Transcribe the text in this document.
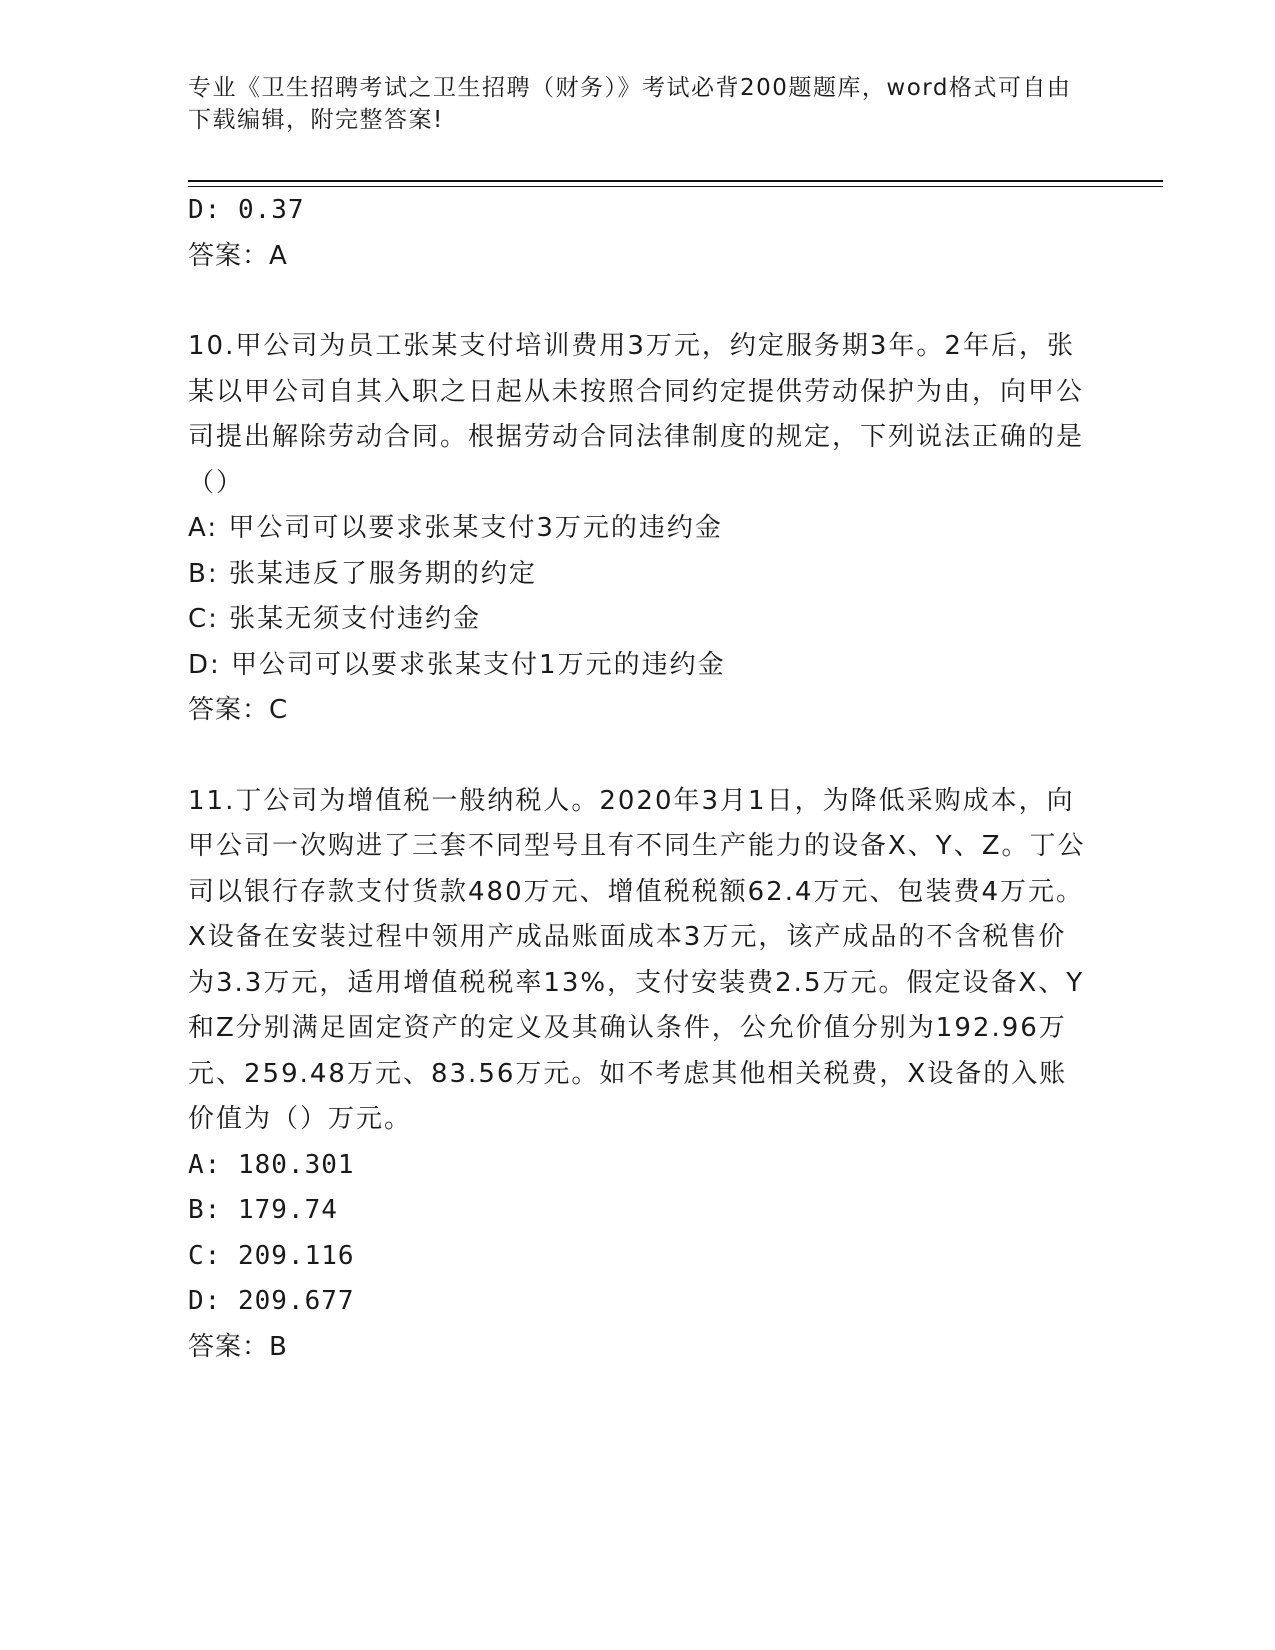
专业《卫生招聘考试之卫生招聘（财务）》考试必背200题题库，word格式可自由下载编辑，附完整答案!
D: 0.37
答案：A
10.甲公司为员工张某支付培训费用3万元，约定服务期3年。2年后，张某以甲公司自其入职之日起从未按照合同约定提供劳动保护为由，向甲公司提出解除劳动合同。根据劳动合同法律制度的规定，下列说法正确的是（）
A: 甲公司可以要求张某支付3万元的违约金
B: 张某违反了服务期的约定
C: 张某无须支付违约金
D: 甲公司可以要求张某支付1万元的违约金
答案：C
11.丁公司为增值税一般纳税人。2020年3月1日，为降低采购成本，向甲公司一次购进了三套不同型号且有不同生产能力的设备X、Y、Z。丁公司以银行存款支付货款480万元、增值税税额62.4万元、包装费4万元。X设备在安装过程中领用产成品账面成本3万元，该产成品的不含税售价为3.3万元，适用增值税税率13%，支付安装费2.5万元。假定设备X、Y和Z分别满足固定资产的定义及其确认条件，公允价值分别为192.96万元、259.48万元、83.56万元。如不考虑其他相关税费，X设备的入账价值为（）万元。
A: 180.301
B: 179.74
C: 209.116
D: 209.677
答案：B
